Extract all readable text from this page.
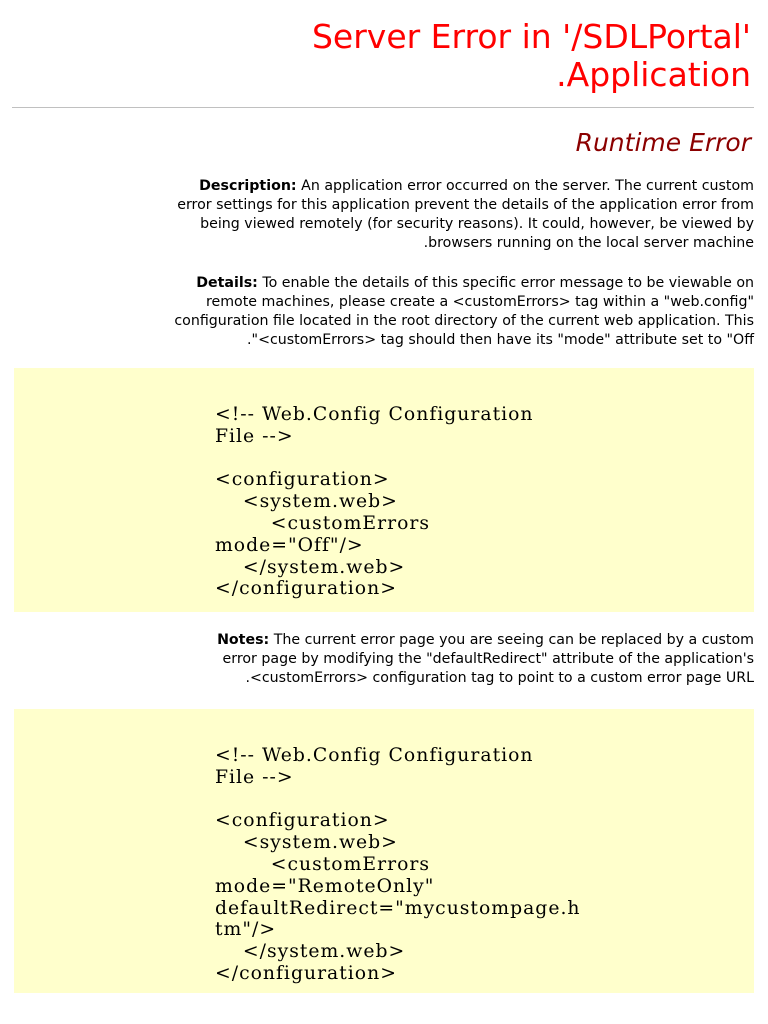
Server Error in '/SDLPortal'
.Application
Runtime Error

Description: An application error occurred on the server. The current custom
error settings for this application prevent the details of the application error from
being viewed remotely (for security reasons). It could, however, be viewed by
.browsers running on the local server machine

Details: To enable the details of this specific error message to be viewable on
remote machines, please create a <customErrors> tag within a "web.config"
configuration file located in the root directory of the current web application. This
."<customErrors> tag should then have its "mode" attribute set to "Off

<!-- Web.Config Configuration
File -->

<configuration>
<system.web>
<customErrors
mode="Off"/>
</system.web>
</configuration>

Notes: The current error page you are seeing can be replaced by a custom
error page by modifying the "defaultRedirect" attribute of the application's
.<customErrors> configuration tag to point to a custom error page URL

<!-- Web.Config Configuration
File -->

<configuration>
<system.web>
<customErrors
mode="RemoteOnly"
defaultRedirect="mycustompage.h
tm"/>
</system.web>
</configuration>
